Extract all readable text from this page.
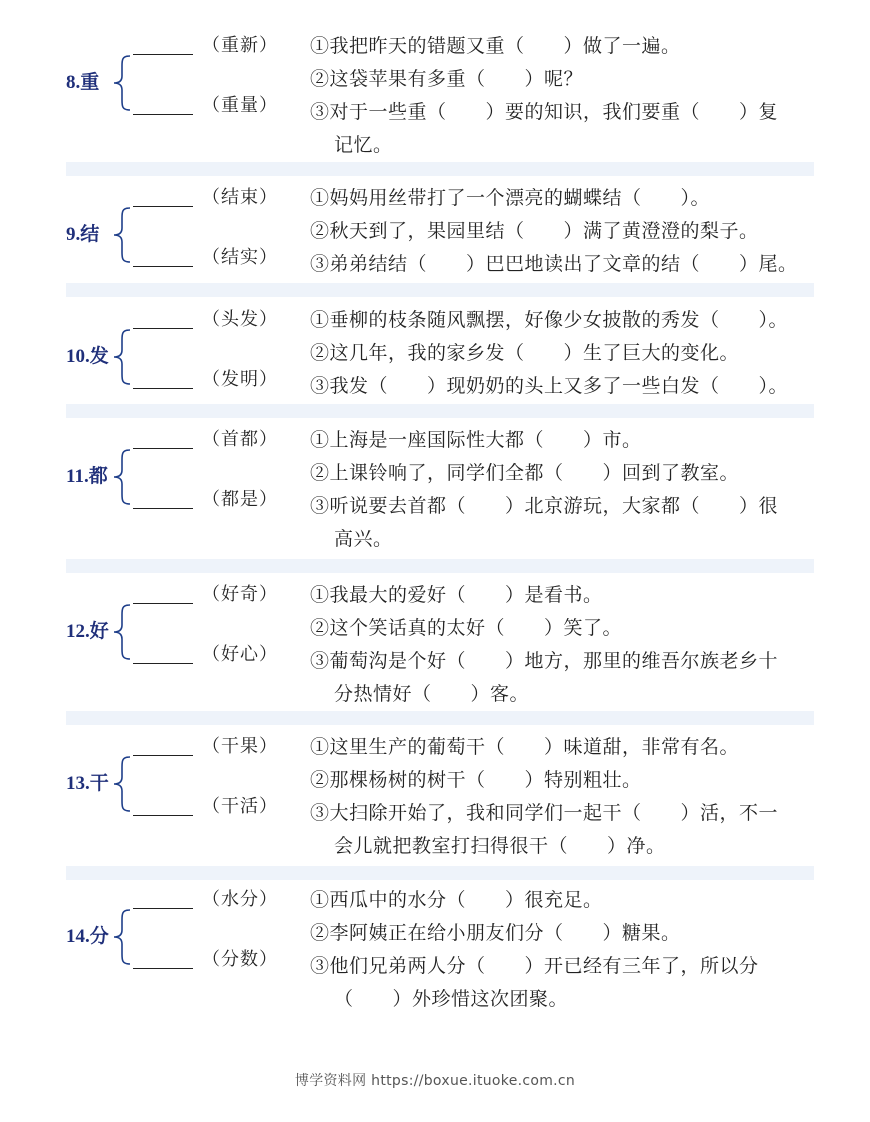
8.重
（重新）
（重量）
①我把昨天的错题又重（　　）做了一遍。
②这袋苹果有多重（　　）呢？
③对于一些重（　　）要的知识，我们要重（　　）复
记忆。
9.结
（结束）
（结实）
①妈妈用丝带打了一个漂亮的蝴蝶结（　　）。
②秋天到了，果园里结（　　）满了黄澄澄的梨子。
③弟弟结结（　　）巴巴地读出了文章的结（　　）尾。
10.发
（头发）
（发明）
①垂柳的枝条随风飘摆，好像少女披散的秀发（　　）。
②这几年，我的家乡发（　　）生了巨大的变化。
③我发（　　）现奶奶的头上又多了一些白发（　　）。
11.都
（首都）
（都是）
①上海是一座国际性大都（　　）市。
②上课铃响了，同学们全都（　　）回到了教室。
③听说要去首都（　　）北京游玩，大家都（　　）很
高兴。
12.好
（好奇）
（好心）
①我最大的爱好（　　）是看书。
②这个笑话真的太好（　　）笑了。
③葡萄沟是个好（　　）地方，那里的维吾尔族老乡十
分热情好（　　）客。
13.干
（干果）
（干活）
①这里生产的葡萄干（　　）味道甜，非常有名。
②那棵杨树的树干（　　）特别粗壮。
③大扫除开始了，我和同学们一起干（　　）活，不一
会儿就把教室打扫得很干（　　）净。
14.分
（水分）
（分数）
①西瓜中的水分（　　）很充足。
②李阿姨正在给小朋友们分（　　）糖果。
③他们兄弟两人分（　　）开已经有三年了，所以分
（　　）外珍惜这次团聚。
博学资料网 https://boxue.ituoke.com.cn
